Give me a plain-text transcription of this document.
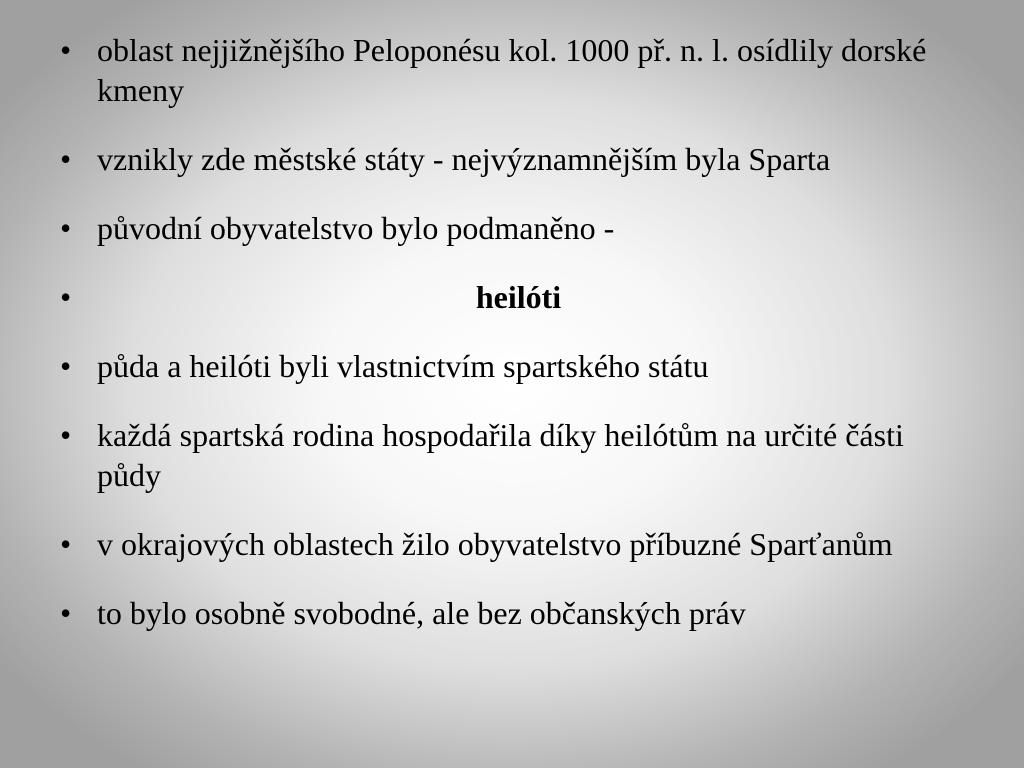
• oblast nejjižnějšího Peloponésu kol. 1000 př. n. l. osídlily dorské kmeny
• vznikly zde městské státy - nejvýznamnějším byla Sparta
• původní obyvatelstvo bylo podmaněno -
•	heilóti
• půda a heilóti byli vlastnictvím spartského státu
• každá spartská rodina hospodařila díky heilótům na určité části půdy
• v okrajových oblastech žilo obyvatelstvo příbuzné Sparťanům
• to bylo osobně svobodné, ale bez občanských práv
